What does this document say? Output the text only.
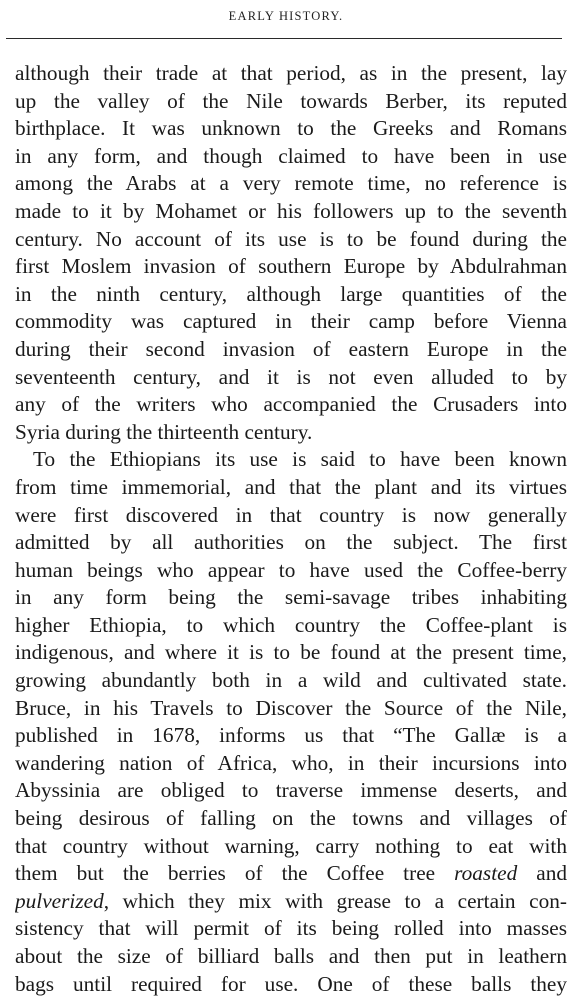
EARLY HISTORY.
although their trade at that period, as in the present, lay
up the valley of the Nile towards Berber, its reputed
birthplace. It was unknown to the Greeks and Romans
in any form, and though claimed to have been in use
among the Arabs at a very remote time, no reference is
made to it by Mohamet or his followers up to the seventh
century. No account of its use is to be found during the
first Moslem invasion of southern Europe by Abdulrahman
in the ninth century, although large quantities of the
commodity was captured in their camp before Vienna
during their second invasion of eastern Europe in the
seventeenth century, and it is not even alluded to by
any of the writers who accompanied the Crusaders into
Syria during the thirteenth century.
To the Ethiopians its use is said to have been known
from time immemorial, and that the plant and its virtues
were first discovered in that country is now generally
admitted by all authorities on the subject. The first
human beings who appear to have used the Coffee-berry
in any form being the semi-savage tribes inhabiting
higher Ethiopia, to which country the Coffee-plant is
indigenous, and where it is to be found at the present time,
growing abundantly both in a wild and cultivated state.
Bruce, in his Travels to Discover the Source of the Nile,
published in 1678, informs us that “The Gallæ is a
wandering nation of Africa, who, in their incursions into
Abyssinia are obliged to traverse immense deserts, and
being desirous of falling on the towns and villages of
that country without warning, carry nothing to eat with
them but the berries of the Coffee tree roasted and
pulverized, which they mix with grease to a certain con-
sistency that will permit of its being rolled into masses
about the size of billiard balls and then put in leathern
bags until required for use. One of these balls they
